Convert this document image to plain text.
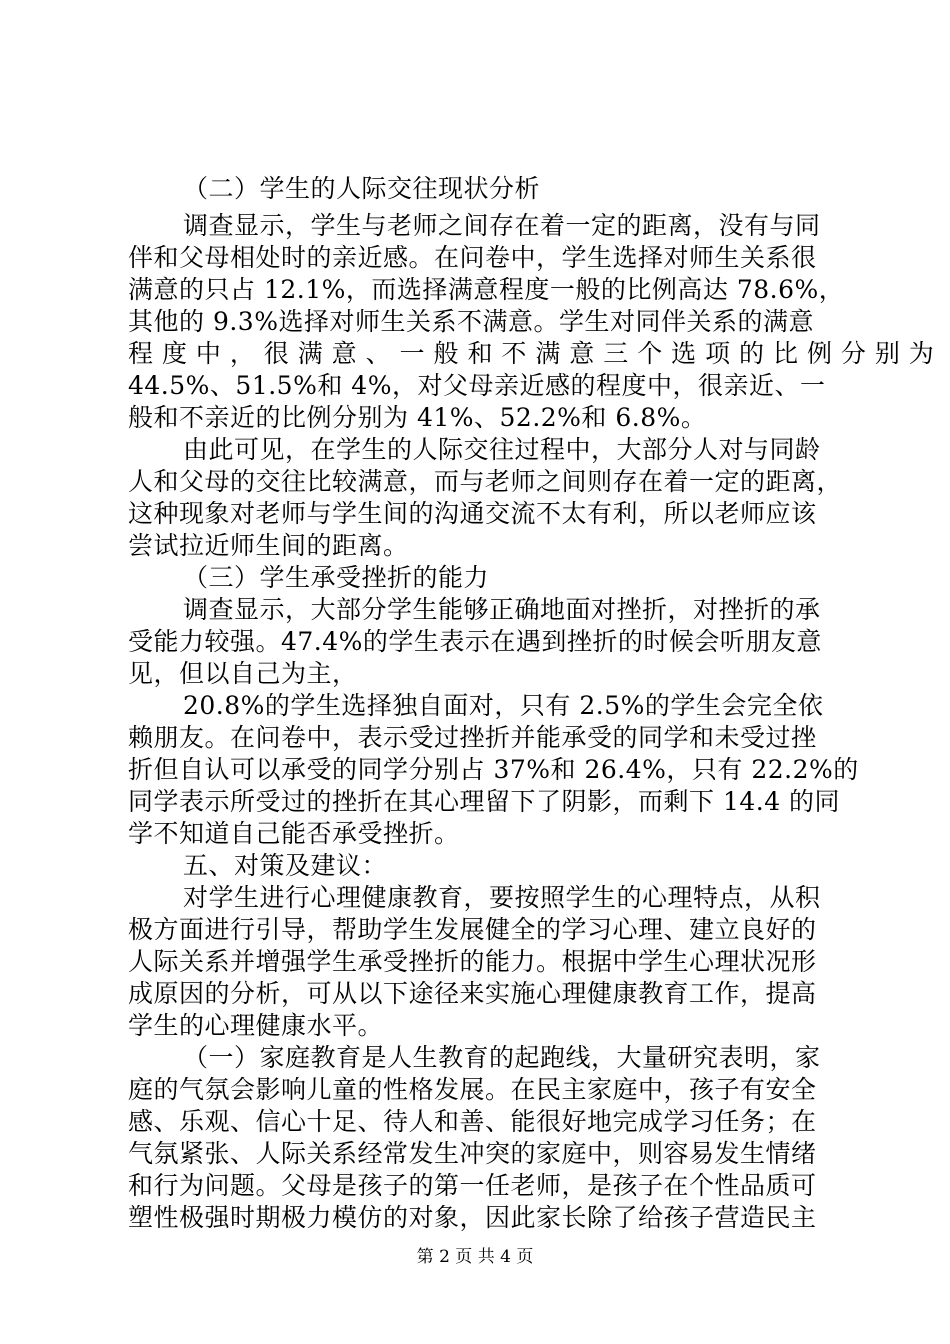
（二）学生的人际交往现状分析
调查显示，学生与老师之间存在着一定的距离，没有与同
伴和父母相处时的亲近感。在问卷中，学生选择对师生关系很
满意的只占 12.1%，而选择满意程度一般的比例高达 78.6%，
其他的 9.3%选择对师生关系不满意。学生对同伴关系的满意
程 度 中 ， 很 满 意 、 一 般 和 不 满 意 三 个 选 项 的 比 例 分 别 为
44.5%、51.5%和 4%，对父母亲近感的程度中，很亲近、一
般和不亲近的比例分别为 41%、52.2%和 6.8%。
由此可见，在学生的人际交往过程中，大部分人对与同龄
人和父母的交往比较满意，而与老师之间则存在着一定的距离，
这种现象对老师与学生间的沟通交流不太有利，所以老师应该
尝试拉近师生间的距离。
（三）学生承受挫折的能力
调查显示，大部分学生能够正确地面对挫折，对挫折的承
受能力较强。47.4%的学生表示在遇到挫折的时候会听朋友意
见，但以自己为主，
20.8%的学生选择独自面对，只有 2.5%的学生会完全依
赖朋友。在问卷中，表示受过挫折并能承受的同学和未受过挫
折但自认可以承受的同学分别占 37%和 26.4%，只有 22.2%的
同学表示所受过的挫折在其心理留下了阴影，而剩下 14.4 的同
学不知道自己能否承受挫折。
五、对策及建议：
对学生进行心理健康教育，要按照学生的心理特点，从积
极方面进行引导，帮助学生发展健全的学习心理、建立良好的
人际关系并增强学生承受挫折的能力。根据中学生心理状况形
成原因的分析，可从以下途径来实施心理健康教育工作，提高
学生的心理健康水平。
（一）家庭教育是人生教育的起跑线，大量研究表明，家
庭的气氛会影响儿童的性格发展。在民主家庭中，孩子有安全
感、乐观、信心十足、待人和善、能很好地完成学习任务；在
气氛紧张、人际关系经常发生冲突的家庭中，则容易发生情绪
和行为问题。父母是孩子的第一任老师，是孩子在个性品质可
塑性极强时期极力模仿的对象，因此家长除了给孩子营造民主
第 2 页 共 4 页
